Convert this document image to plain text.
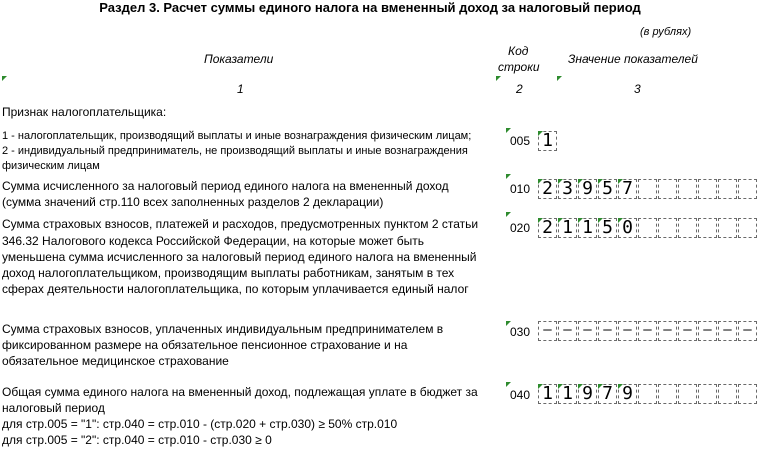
Раздел 3. Расчет суммы единого налога на вмененный доход за налоговый период
(в рублях)
Показатели
Код
строки
Значение показателей
1	2	3
Признак налогоплательщика:
1 - налогоплательщик, производящий выплаты и иные вознаграждения физическим лицам;
2 - индивидуальный предприниматель, не производящий выплаты и иные вознаграждения
физическим лицам
005 1
Сумма исчисленного за налоговый период единого налога на вмененный доход
(сумма значений стр.110 всех заполненных разделов 2 декларации)
010 2 3 9 5 7
Сумма страховых взносов, платежей и расходов, предусмотренных пунктом 2 статьи
346.32 Налогового кодекса Российской Федерации, на которые может быть
уменьшена сумма исчисленного за налоговый период единого налога на вмененный
доход налогоплательщиком, производящим выплаты работникам, занятым в тех
сферах деятельности налогоплательщика, по которым уплачивается единый налог
020 2 1 1 5 0
Сумма страховых взносов, уплаченных индивидуальным предпринимателем в
фиксированном размере на обязательное пенсионное страхование и на
обязательное медицинское страхование
030 – – – – – – – – – – –
Общая сумма единого налога на вмененный доход, подлежащая уплате в бюджет за
налоговый период
для стр.005 = "1": стр.040 = стр.010 - (стр.020 + стр.030) ≥ 50% стр.010
для стр.005 = "2": стр.040 = стр.010 - стр.030 ≥ 0
040 1 1 9 7 9
